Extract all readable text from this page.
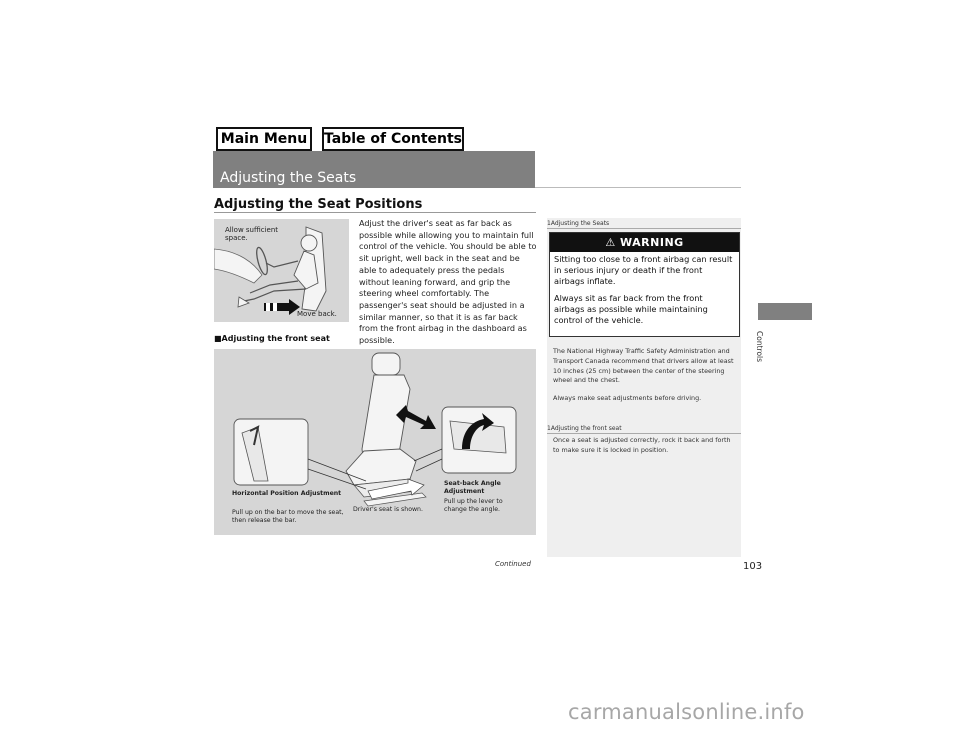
Main Menu	Table of Contents
Adjusting the Seats
Adjusting the Seat Positions
Allow sufficient space.
Move back.
Adjust the driver's seat as far back as possible while allowing you to maintain full control of the vehicle. You should be able to sit upright, well back in the seat and be able to adequately press the pedals without leaning forward, and grip the steering wheel comfortably. The passenger's seat should be adjusted in a similar manner, so that it is as far back from the front airbag in the dashboard as possible.
■Adjusting the front seat
Horizontal Position Adjustment
Pull up on the bar to move the seat, then release the bar.
Driver's seat is shown.
Seat-back Angle Adjustment
Pull up the lever to change the angle.
1Adjusting the Seats
⚠ WARNING

Sitting too close to a front airbag can result in serious injury or death if the front airbags inflate.

Always sit as far back from the front airbags as possible while maintaining control of the vehicle.

The National Highway Traffic Safety Administration and Transport Canada recommend that drivers allow at least 10 inches (25 cm) between the center of the steering wheel and the chest.

Always make seat adjustments before driving.

1Adjusting the front seat

Once a seat is adjusted correctly, rock it back and forth to make sure it is locked in position.

Controls
Continued	103
carmanualsonline.info
